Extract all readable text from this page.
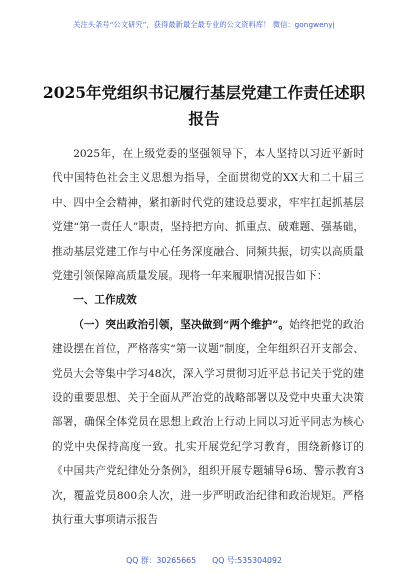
关注头条号“公文研究”，获得最新最全最专业的公文资料库！ 微信：gongwenyj
2025年党组织书记履行基层党建工作责任述职报告

2025年，在上级党委的坚强领导下，本人坚持以习近平新时代中国特色社会主义思想为指导，全面贯彻党的XX大和二十届三中、四中全会精神，紧扣新时代党的建设总要求，牢牢扛起抓基层党建“第一责任人”职责，坚持把方向、抓重点、破难题、强基础，推动基层党建工作与中心任务深度融合、同频共振，切实以高质量党建引领保障高质量发展。现将一年来履职情况报告如下：

一、工作成效

（一）突出政治引领，坚决做到“两个维护”。始终把党的政治建设摆在首位，严格落实“第一议题”制度，全年组织召开支部会、党员大会等集中学习48次，深入学习贯彻习近平总书记关于党的建设的重要思想、关于全面从严治党的战略部署以及党中央重大决策部署，确保全体党员在思想上政治上行动上同以习近平同志为核心的党中央保持高度一致。扎实开展党纪学习教育，围绕新修订的《中国共产党纪律处分条例》，组织开展专题辅导6场、警示教育3次，覆盖党员800余人次，进一步严明政治纪律和政治规矩。严格执行重大事项请示报告

QQ 群：30265665 QQ 号:535304092
